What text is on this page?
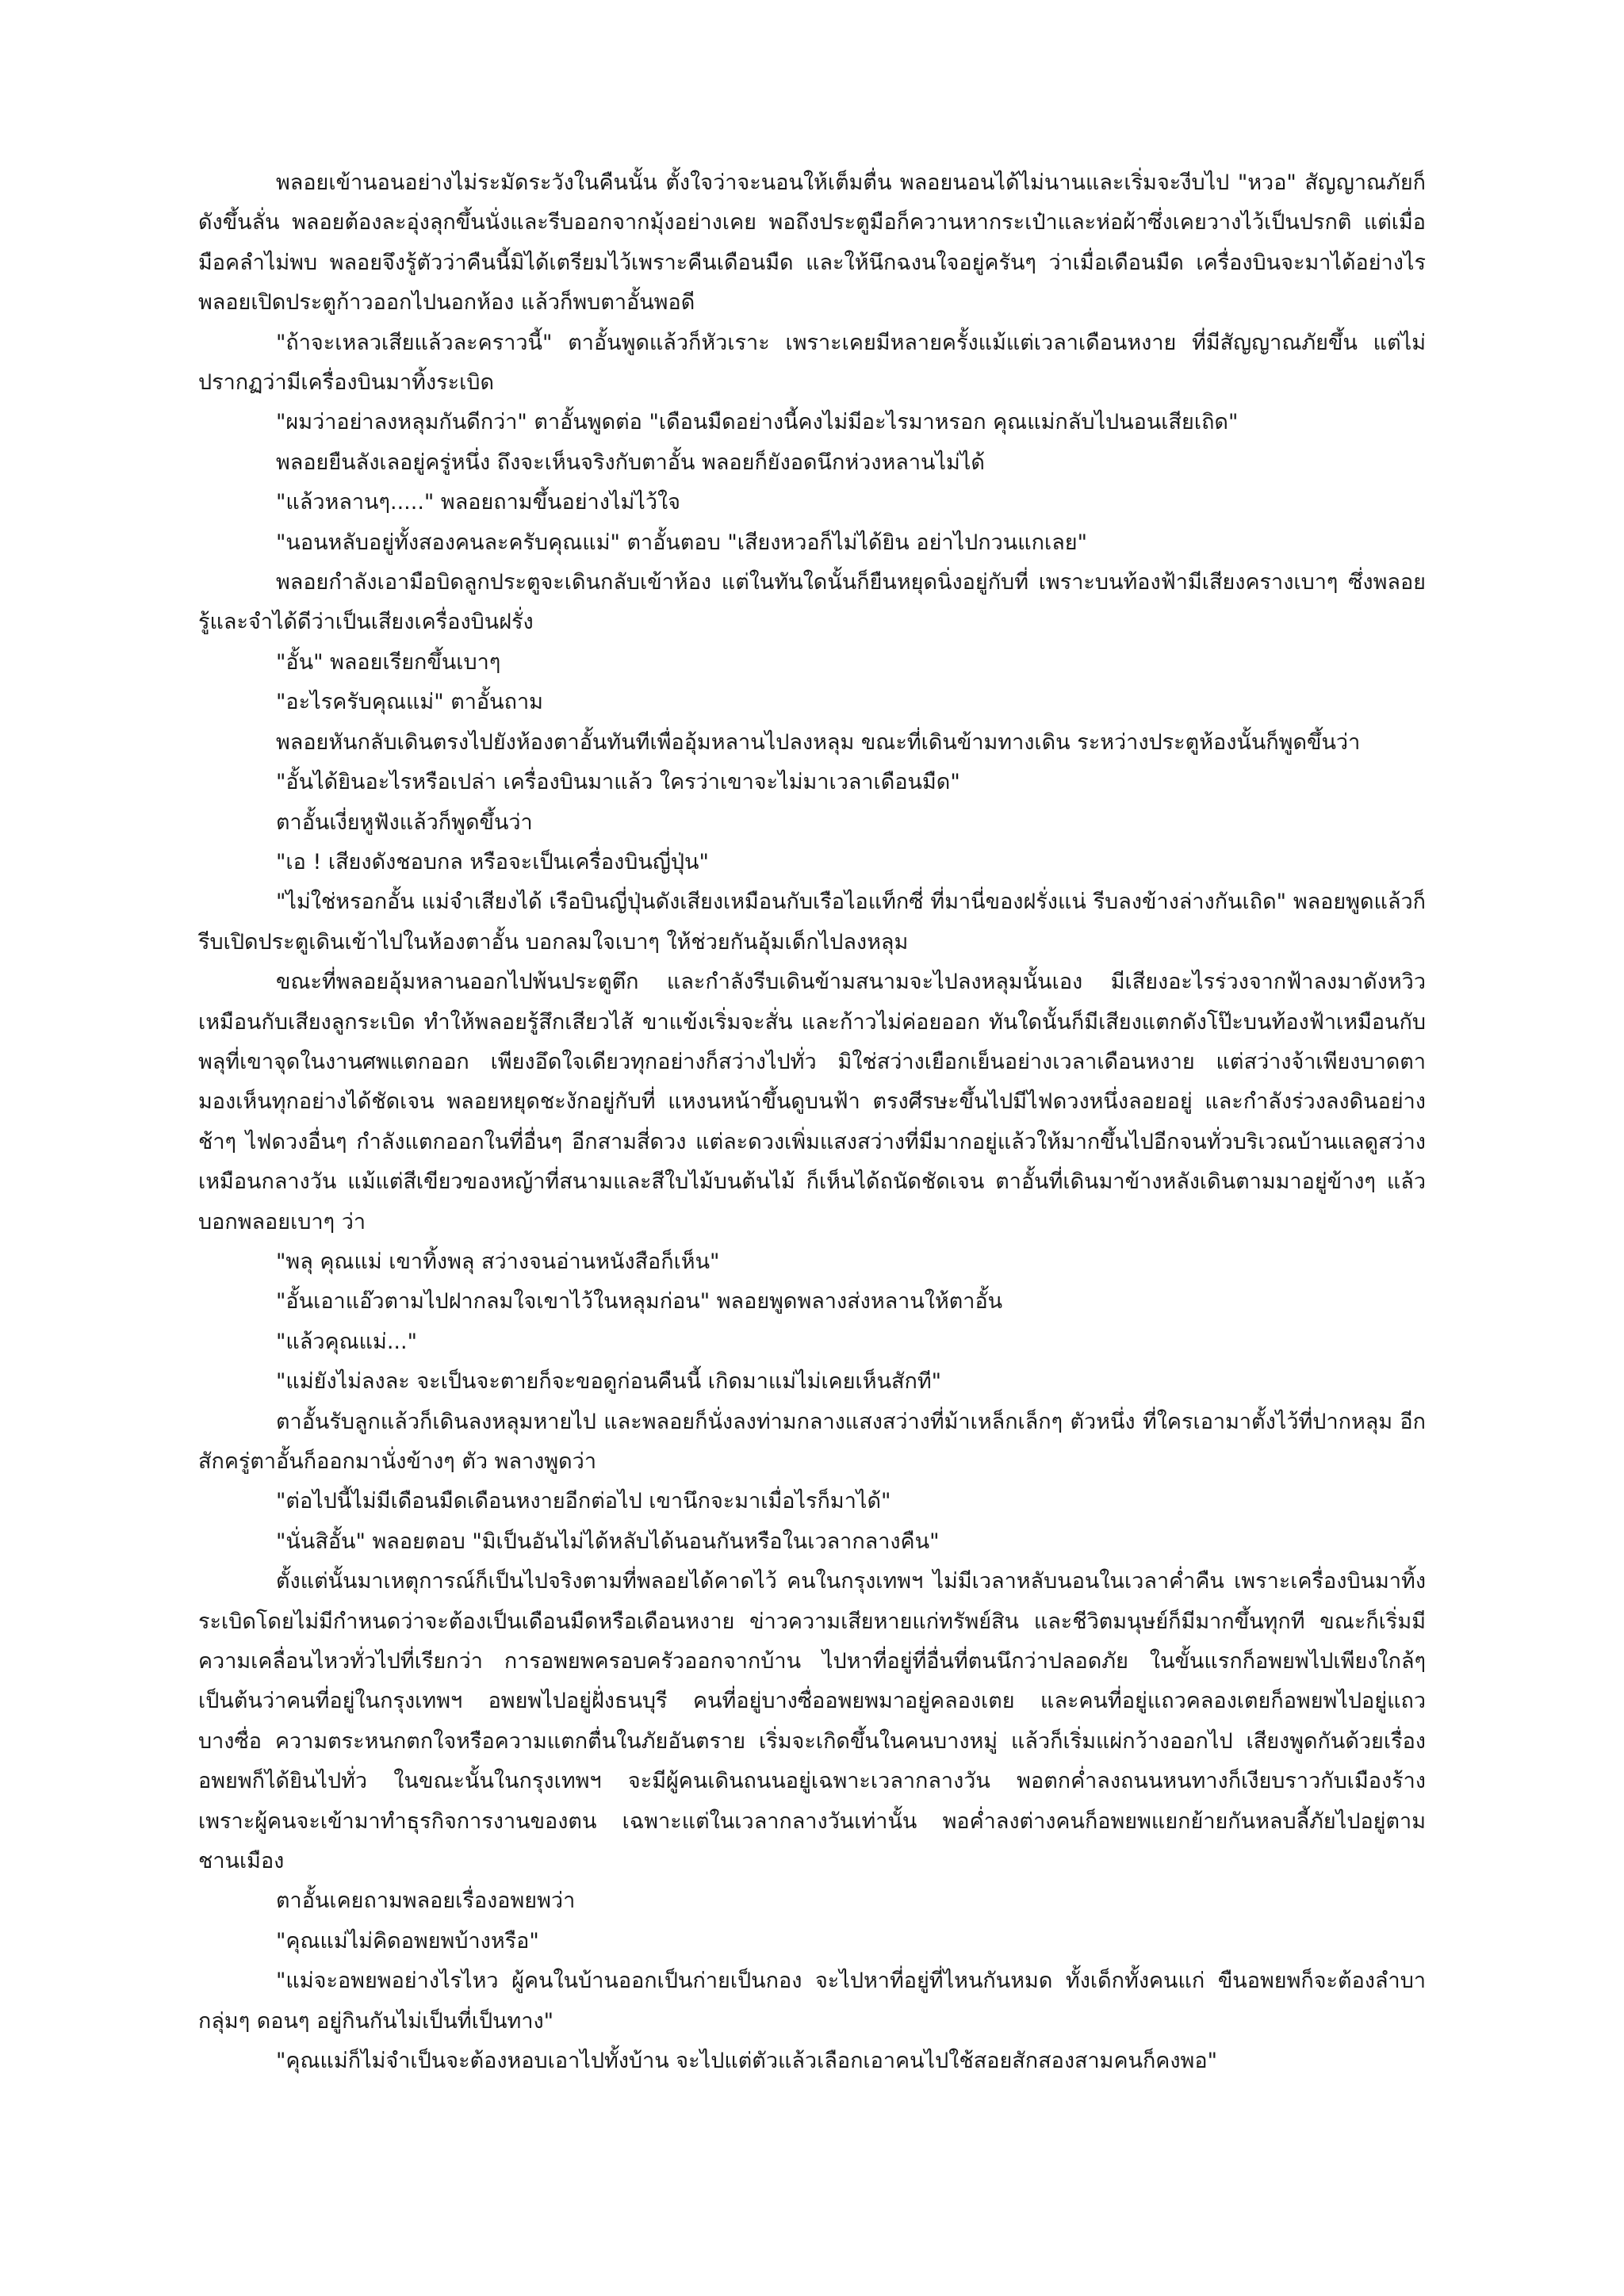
พลอยเข้านอนอย่างไม่ระมัดระวังในคืนนั้น ตั้งใจว่าจะนอนให้เต็มตื่น พลอยนอนได้ไม่นานและเริ่มจะงีบไป "หวอ" สัญญาณภัยก็ดังขึ้นลั่น พลอยต้องละอุ่งลุกขึ้นนั่งและรีบออกจากมุ้งอย่างเคย พอถึงประตูมือก็ควานหากระเป๋าและห่อผ้าซึ่งเคยวางไว้เป็นปรกติ แต่เมื่อมือคลำไม่พบ พลอยจึงรู้ตัวว่าคืนนี้มิได้เตรียมไว้เพราะคืนเดือนมืด และให้นึกฉงนใจอยู่ครันๆ ว่าเมื่อเดือนมืด เครื่องบินจะมาได้อย่างไร พลอยเปิดประตูก้าวออกไปนอกห้อง แล้วก็พบตาอั้นพอดี

"ถ้าจะเหลวเสียแล้วละคราวนี้" ตาอั้นพูดแล้วก็หัวเราะ เพราะเคยมีหลายครั้งแม้แต่เวลาเดือนหงาย ที่มีสัญญาณภัยขึ้น แต่ไม่ปรากฏว่ามีเครื่องบินมาทิ้งระเบิด

"ผมว่าอย่าลงหลุมกันดีกว่า" ตาอั้นพูดต่อ "เดือนมืดอย่างนี้คงไม่มีอะไรมาหรอก คุณแม่กลับไปนอนเสียเถิด"

พลอยยืนลังเลอยู่ครู่หนึ่ง ถึงจะเห็นจริงกับตาอั้น พลอยก็ยังอดนึกห่วงหลานไม่ได้

"แล้วหลานๆ....." พลอยถามขึ้นอย่างไม่ไว้ใจ

"นอนหลับอยู่ทั้งสองคนละครับคุณแม่" ตาอั้นตอบ "เสียงหวอก็ไม่ได้ยิน อย่าไปกวนแกเลย"

พลอยกำลังเอามือบิดลูกประตูจะเดินกลับเข้าห้อง แต่ในทันใดนั้นก็ยืนหยุดนิ่งอยู่กับที่ เพราะบนท้องฟ้ามีเสียงครางเบาๆ ซึ่งพลอยรู้และจำได้ดีว่าเป็นเสียงเครื่องบินฝรั่ง

"อั้น" พลอยเรียกขึ้นเบาๆ

"อะไรครับคุณแม่" ตาอั้นถาม

พลอยหันกลับเดินตรงไปยังห้องตาอั้นทันทีเพื่ออุ้มหลานไปลงหลุม ขณะที่เดินข้ามทางเดิน ระหว่างประตูห้องนั้นก็พูดขึ้นว่า

"อั้นได้ยินอะไรหรือเปล่า เครื่องบินมาแล้ว ใครว่าเขาจะไม่มาเวลาเดือนมืด"

ตาอั้นเงี่ยหูฟังแล้วก็พูดขึ้นว่า

"เอ ! เสียงดังชอบกล หรือจะเป็นเครื่องบินญี่ปุ่น"

"ไม่ใช่หรอกอั้น แม่จำเสียงได้ เรือบินญี่ปุ่นดังเสียงเหมือนกับเรือไอแท็กซี่ ที่มานี่ของฝรั่งแน่ รีบลงข้างล่างกันเถิด" พลอยพูดแล้วก็รีบเปิดประตูเดินเข้าไปในห้องตาอั้น บอกลมใจเบาๆ ให้ช่วยกันอุ้มเด็กไปลงหลุม

ขณะที่พลอยอุ้มหลานออกไปพ้นประตูตึก และกำลังรีบเดินข้ามสนามจะไปลงหลุมนั้นเอง มีเสียงอะไรร่วงจากฟ้าลงมาดังหวิวเหมือนกับเสียงลูกระเบิด ทำให้พลอยรู้สึกเสียวไส้ ขาแข้งเริ่มจะสั่น และก้าวไม่ค่อยออก ทันใดนั้นก็มีเสียงแตกดังโป๊ะบนท้องฟ้าเหมือนกับพลุที่เขาจุดในงานศพแตกออก เพียงอึดใจเดียวทุกอย่างก็สว่างไปทั่ว มิใช่สว่างเยือกเย็นอย่างเวลาเดือนหงาย แต่สว่างจ้าเพียงบาดตา มองเห็นทุกอย่างได้ชัดเจน พลอยหยุดชะงักอยู่กับที่ แหงนหน้าขึ้นดูบนฟ้า ตรงศีรษะขึ้นไปมีไฟดวงหนึ่งลอยอยู่ และกำลังร่วงลงดินอย่างช้าๆ ไฟดวงอื่นๆ กำลังแตกออกในที่อื่นๆ อีกสามสี่ดวง แต่ละดวงเพิ่มแสงสว่างที่มีมากอยู่แล้วให้มากขึ้นไปอีกจนทั่วบริเวณบ้านแลดูสว่างเหมือนกลางวัน แม้แต่สีเขียวของหญ้าที่สนามและสีใบไม้บนต้นไม้ ก็เห็นได้ถนัดชัดเจน ตาอั้นที่เดินมาข้างหลังเดินตามมาอยู่ข้างๆ แล้วบอกพลอยเบาๆ ว่า

"พลุ คุณแม่ เขาทิ้งพลุ สว่างจนอ่านหนังสือก็เห็น"

"อั้นเอาแอ๊วตามไปฝากลมใจเขาไว้ในหลุมก่อน" พลอยพูดพลางส่งหลานให้ตาอั้น

"แล้วคุณแม่..."

"แม่ยังไม่ลงละ จะเป็นจะตายก็จะขอดูก่อนคืนนี้ เกิดมาแม่ไม่เคยเห็นสักที"

ตาอั้นรับลูกแล้วก็เดินลงหลุมหายไป และพลอยก็นั่งลงท่ามกลางแสงสว่างที่ม้าเหล็กเล็กๆ ตัวหนึ่ง ที่ใครเอามาตั้งไว้ที่ปากหลุม อีกสักครู่ตาอั้นก็ออกมานั่งข้างๆ ตัว พลางพูดว่า

"ต่อไปนี้ไม่มีเดือนมืดเดือนหงายอีกต่อไป เขานึกจะมาเมื่อไรก็มาได้"

"นั่นสิอั้น" พลอยตอบ "มิเป็นอันไม่ได้หลับได้นอนกันหรือในเวลากลางคืน"

ตั้งแต่นั้นมาเหตุการณ์ก็เป็นไปจริงตามที่พลอยได้คาดไว้ คนในกรุงเทพฯ ไม่มีเวลาหลับนอนในเวลาค่ำคืน เพราะเครื่องบินมาทิ้งระเบิดโดยไม่มีกำหนดว่าจะต้องเป็นเดือนมืดหรือเดือนหงาย ข่าวความเสียหายแก่ทรัพย์สิน และชีวิตมนุษย์ก็มีมากขึ้นทุกที ขณะก็เริ่มมีความเคลื่อนไหวทั่วไปที่เรียกว่า การอพยพครอบครัวออกจากบ้าน ไปหาที่อยู่ที่อื่นที่ตนนึกว่าปลอดภัย ในขั้นแรกก็อพยพไปเพียงใกล้ๆ เป็นต้นว่าคนที่อยู่ในกรุงเทพฯ อพยพไปอยู่ฝั่งธนบุรี คนที่อยู่บางซื่ออพยพมาอยู่คลองเตย และคนที่อยู่แถวคลองเตยก็อพยพไปอยู่แถวบางซื่อ ความตระหนกตกใจหรือความแตกตื่นในภัยอันตราย เริ่มจะเกิดขึ้นในคนบางหมู่ แล้วก็เริ่มแผ่กว้างออกไป เสียงพูดกันด้วยเรื่องอพยพก็ได้ยินไปทั่ว ในขณะนั้นในกรุงเทพฯ จะมีผู้คนเดินถนนอยู่เฉพาะเวลากลางวัน พอตกค่ำลงถนนหนทางก็เงียบราวกับเมืองร้าง เพราะผู้คนจะเข้ามาทำธุรกิจการงานของตน เฉพาะแต่ในเวลากลางวันเท่านั้น พอค่ำลงต่างคนก็อพยพแยกย้ายกันหลบลี้ภัยไปอยู่ตามชานเมือง

ตาอั้นเคยถามพลอยเรื่องอพยพว่า

"คุณแม่ไม่คิดอพยพบ้างหรือ"

"แม่จะอพยพอย่างไรไหว ผู้คนในบ้านออกเป็นก่ายเป็นกอง จะไปหาที่อยู่ที่ไหนกันหมด ทั้งเด็กทั้งคนแก่ ขืนอพยพก็จะต้องลำบากลุ่มๆ ดอนๆ อยู่กินกันไม่เป็นที่เป็นทาง"

"คุณแม่ก็ไม่จำเป็นจะต้องหอบเอาไปทั้งบ้าน จะไปแต่ตัวแล้วเลือกเอาคนไปใช้สอยสักสองสามคนก็คงพอ"
